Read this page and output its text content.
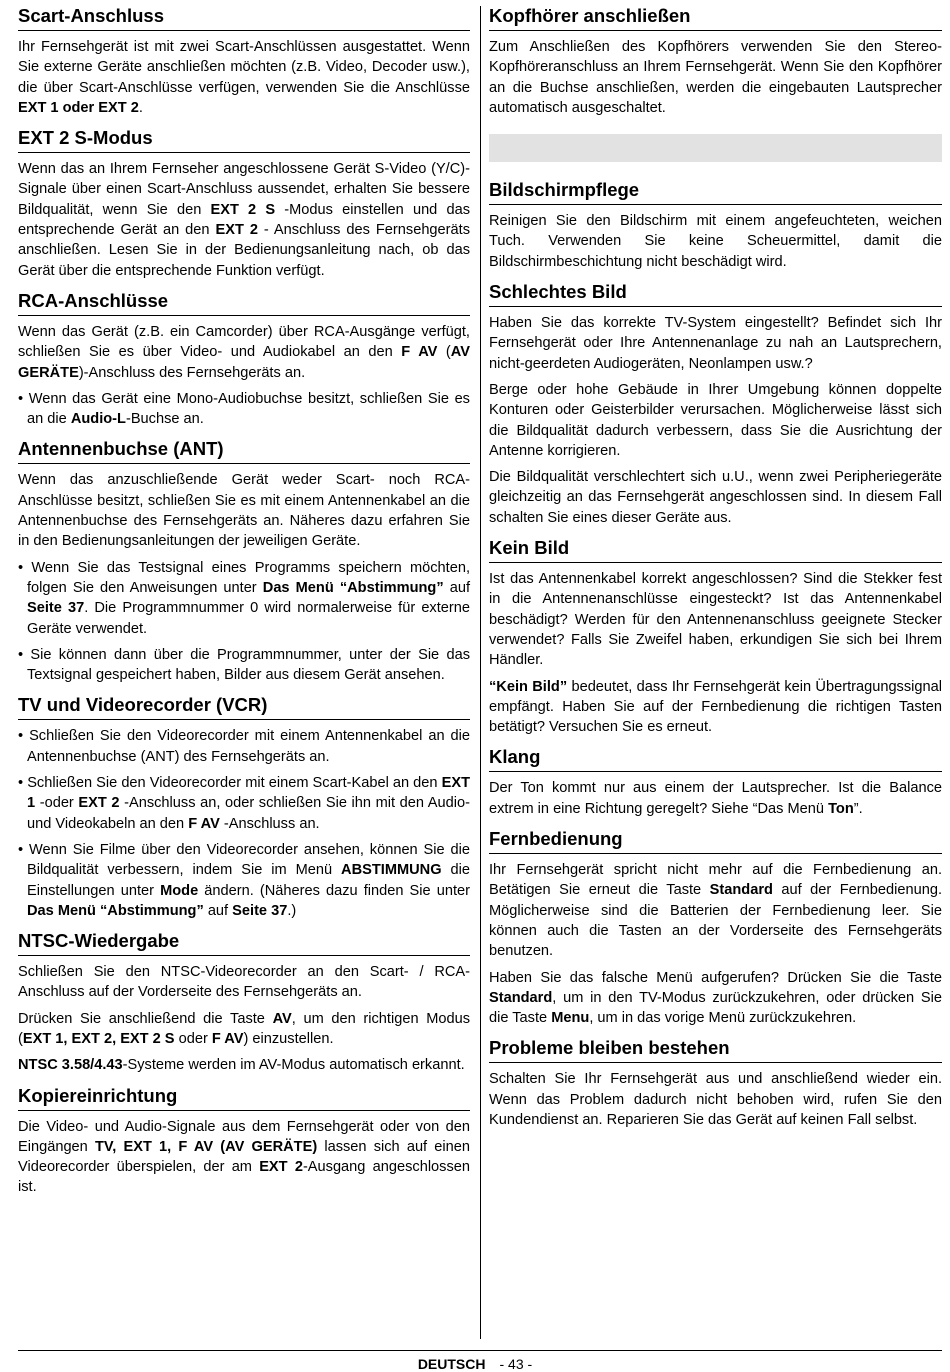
Scart-Anschluss
Ihr Fernsehgerät ist mit zwei Scart-Anschlüssen ausgestattet. Wenn Sie externe Geräte anschließen möchten (z.B. Video, Decoder usw.), die über Scart-Anschlüsse verfügen, verwenden Sie die Anschlüsse EXT 1 oder EXT 2.
EXT 2 S-Modus
Wenn das an Ihrem Fernseher angeschlossene Gerät S-Video (Y/C)-Signale über einen Scart-Anschluss aussendet, erhalten Sie bessere Bildqualität, wenn Sie den EXT 2 S -Modus einstellen und das entsprechende Gerät an den EXT 2 - Anschluss des Fernsehgeräts anschließen. Lesen Sie in der Bedienungsanleitung nach, ob das Gerät über die entsprechende Funktion verfügt.
RCA-Anschlüsse
Wenn das Gerät (z.B. ein Camcorder) über RCA-Ausgänge verfügt, schließen Sie es über Video- und Audiokabel an den F AV (AV GERÄTE)-Anschluss des Fernsehgeräts an.
• Wenn das Gerät eine Mono-Audiobuchse besitzt, schließen Sie es an die Audio-L-Buchse an.
Antennenbuchse (ANT)
Wenn das anzuschließende Gerät weder Scart- noch RCA-Anschlüsse besitzt, schließen Sie es mit einem Antennenkabel an die Antennenbuchse des Fernsehgeräts an. Näheres dazu erfahren Sie in den Bedienungsanleitungen der jeweiligen Geräte.
• Wenn Sie das Testsignal eines Programms speichern möchten, folgen Sie den Anweisungen unter Das Menü “Abstimmung” auf Seite 37. Die Programmnummer 0 wird normalerweise für externe Geräte verwendet.
• Sie können dann über die Programmnummer, unter der Sie das Textsignal gespeichert haben, Bilder aus diesem Gerät ansehen.
TV und Videorecorder (VCR)
• Schließen Sie den Videorecorder mit einem Antennenkabel an die Antennenbuchse (ANT) des Fernsehgeräts an.
• Schließen Sie den Videorecorder mit einem Scart-Kabel an den EXT 1 -oder EXT 2 -Anschluss an, oder schließen Sie ihn mit den Audio- und Videokabeln an den F AV -Anschluss an.
• Wenn Sie Filme über den Videorecorder ansehen, können Sie die Bildqualität verbessern, indem Sie im Menü ABSTIMMUNG die Einstellungen unter Mode ändern. (Näheres dazu finden Sie unter Das Menü “Abstimmung” auf Seite 37.)
NTSC-Wiedergabe
Schließen Sie den NTSC-Videorecorder an den Scart- / RCA-Anschluss auf der Vorderseite des Fernsehgeräts an.
Drücken Sie anschließend die Taste AV, um den richtigen Modus (EXT 1, EXT 2, EXT 2 S oder F AV) einzustellen.
NTSC 3.58/4.43-Systeme werden im AV-Modus automatisch erkannt.
Kopiereinrichtung
Die Video- und Audio-Signale aus dem Fernsehgerät oder von den Eingängen TV, EXT 1, F AV (AV GERÄTE) lassen sich auf einen Videorecorder überspielen, der am EXT 2-Ausgang angeschlossen ist.
Kopfhörer anschließen
Zum Anschließen des Kopfhörers verwenden Sie den Stereo-Kopfhöreranschluss an Ihrem Fernsehgerät. Wenn Sie den Kopfhörer an die Buchse anschließen, werden die eingebauten Lautsprecher automatisch ausgeschaltet.
Bildschirmpflege
Reinigen Sie den Bildschirm mit einem angefeuchteten, weichen Tuch. Verwenden Sie keine Scheuermittel, damit die Bildschirmbeschichtung nicht beschädigt wird.
Schlechtes Bild
Haben Sie das korrekte TV-System eingestellt? Befindet sich Ihr Fernsehgerät oder Ihre Antennenanlage zu nah an Lautsprechern, nicht-geerdeten Audiogeräten, Neonlampen usw.?
Berge oder hohe Gebäude in Ihrer Umgebung können doppelte Konturen oder Geisterbilder verursachen. Möglicherweise lässt sich die Bildqualität dadurch verbessern, dass Sie die Ausrichtung der Antenne korrigieren.
Die Bildqualität verschlechtert sich u.U., wenn zwei Peripheriegeräte gleichzeitig an das Fernsehgerät angeschlossen sind. In diesem Fall schalten Sie eines dieser Geräte aus.
Kein Bild
Ist das Antennenkabel korrekt angeschlossen? Sind die Stekker fest in die Antennenanschlüsse eingesteckt? Ist das Antennenkabel beschädigt? Werden für den Antennenanschluss geeignete Stecker verwendet? Falls Sie Zweifel haben, erkundigen Sie sich bei Ihrem Händler.
“Kein Bild” bedeutet, dass Ihr Fernsehgerät kein Übertragungssignal empfängt. Haben Sie auf der Fernbedienung die richtigen Tasten betätigt? Versuchen Sie es erneut.
Klang
Der Ton kommt nur aus einem der Lautsprecher. Ist die Balance extrem in eine Richtung geregelt? Siehe “Das Menü Ton”.
Fernbedienung
Ihr Fernsehgerät spricht nicht mehr auf die Fernbedienung an. Betätigen Sie erneut die Taste Standard auf der Fernbedienung. Möglicherweise sind die Batterien der Fernbedienung leer. Sie können auch die Tasten an der Vorderseite des Fernsehgeräts benutzen.
Haben Sie das falsche Menü aufgerufen? Drücken Sie die Taste Standard, um in den TV-Modus zurückzukehren, oder drücken Sie die Taste Menu, um in das vorige Menü zurückzukehren.
Probleme bleiben bestehen
Schalten Sie Ihr Fernsehgerät aus und anschließend wieder ein. Wenn das Problem dadurch nicht behoben wird, rufen Sie den Kundendienst an. Reparieren Sie das Gerät auf keinen Fall selbst.
DEUTSCH - 43 -
